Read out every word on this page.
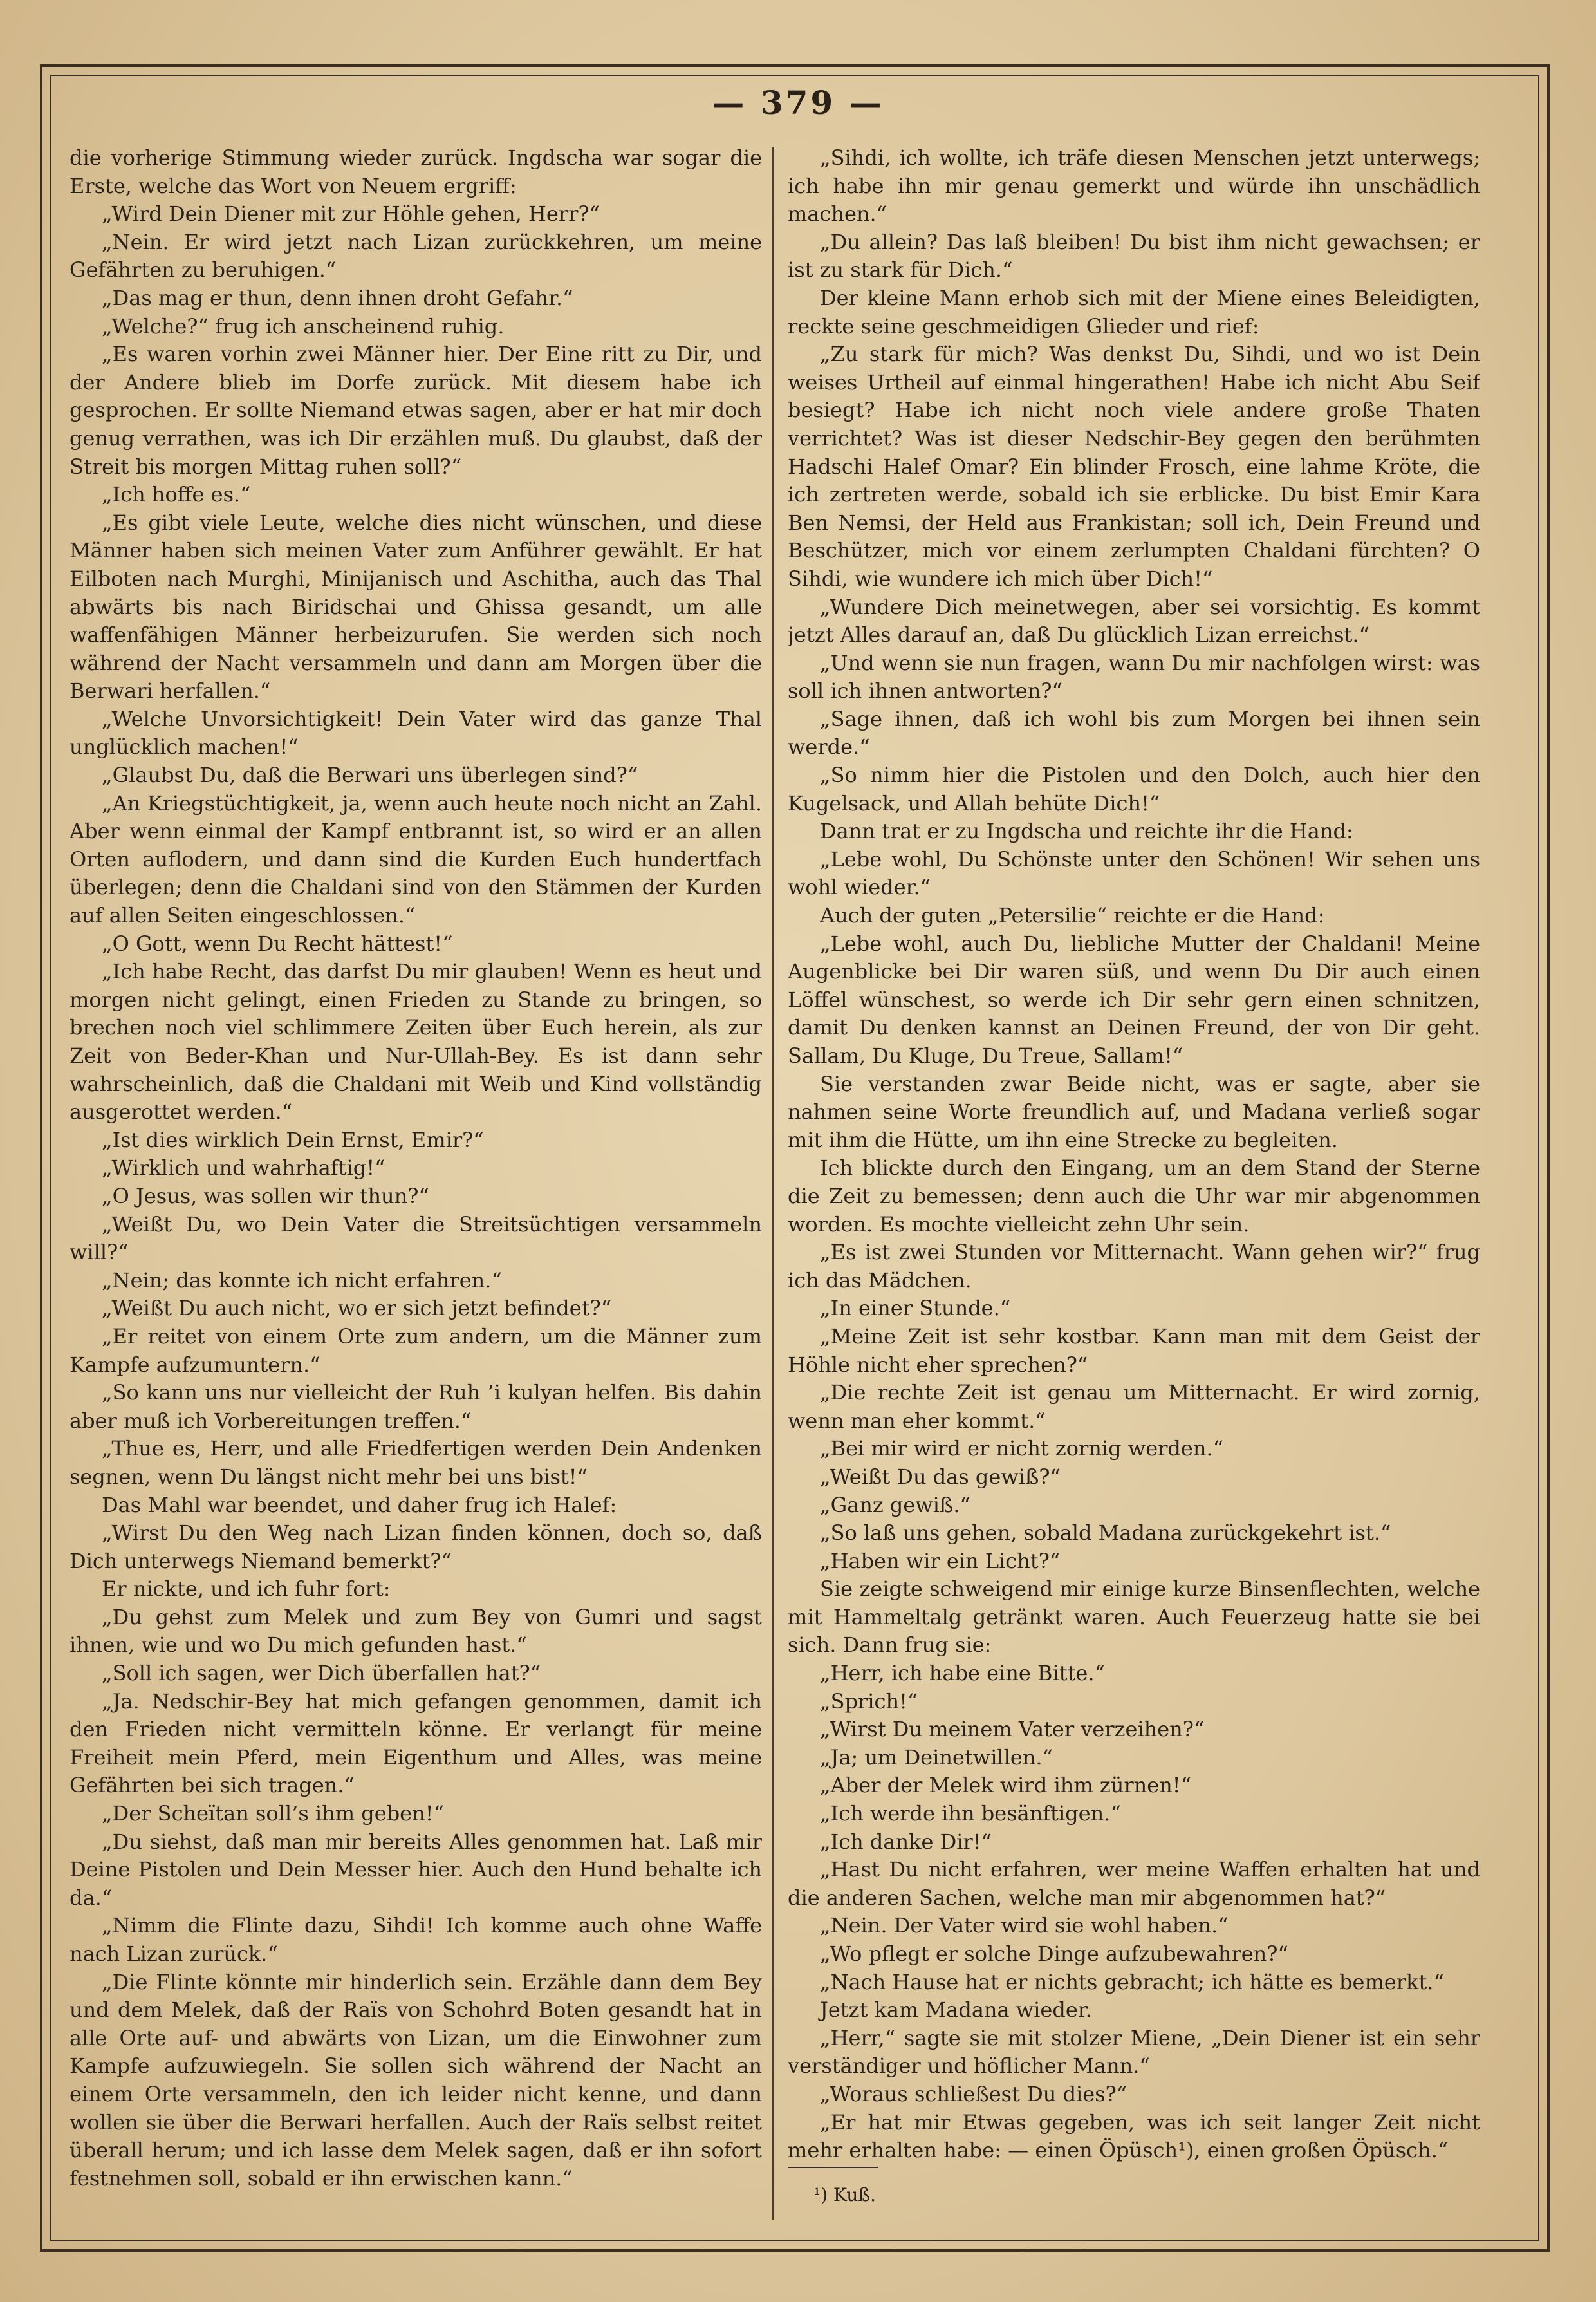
— 379 —

die vorherige Stimmung wieder zurück. Ingdscha war sogar die Erste, welche das Wort von Neuem ergriff:

„Wird Dein Diener mit zur Höhle gehen, Herr?“

„Nein. Er wird jetzt nach Lizan zurückkehren, um meine Gefährten zu beruhigen.“

„Das mag er thun, denn ihnen droht Gefahr.“

„Welche?“ frug ich anscheinend ruhig.

„Es waren vorhin zwei Männer hier. Der Eine ritt zu Dir, und der Andere blieb im Dorfe zurück. Mit diesem habe ich gesprochen. Er sollte Niemand etwas sagen, aber er hat mir doch genug verrathen, was ich Dir erzählen muß. Du glaubst, daß der Streit bis morgen Mittag ruhen soll?“

„Ich hoffe es.“

„Es gibt viele Leute, welche dies nicht wünschen, und diese Männer haben sich meinen Vater zum Anführer gewählt. Er hat Eilboten nach Murghi, Minijanisch und Aschitha, auch das Thal abwärts bis nach Biridschai und Ghissa gesandt, um alle waffenfähigen Männer herbeizurufen. Sie werden sich noch während der Nacht versammeln und dann am Morgen über die Berwari herfallen.“

„Welche Unvorsichtigkeit! Dein Vater wird das ganze Thal unglücklich machen!“

„Glaubst Du, daß die Berwari uns überlegen sind?“

„An Kriegstüchtigkeit, ja, wenn auch heute noch nicht an Zahl. Aber wenn einmal der Kampf entbrannt ist, so wird er an allen Orten auflodern, und dann sind die Kurden Euch hundertfach überlegen; denn die Chaldani sind von den Stämmen der Kurden auf allen Seiten eingeschlossen.“

„O Gott, wenn Du Recht hättest!“

„Ich habe Recht, das darfst Du mir glauben! Wenn es heut und morgen nicht gelingt, einen Frieden zu Stande zu bringen, so brechen noch viel schlimmere Zeiten über Euch herein, als zur Zeit von Beder-Khan und Nur-Ullah-Bey. Es ist dann sehr wahrscheinlich, daß die Chaldani mit Weib und Kind vollständig ausgerottet werden.“

„Ist dies wirklich Dein Ernst, Emir?“

„Wirklich und wahrhaftig!“

„O Jesus, was sollen wir thun?“

„Weißt Du, wo Dein Vater die Streitsüchtigen versammeln will?“

„Nein; das konnte ich nicht erfahren.“

„Weißt Du auch nicht, wo er sich jetzt befindet?“

„Er reitet von einem Orte zum andern, um die Männer zum Kampfe aufzumuntern.“

„So kann uns nur vielleicht der Ruh ’i kulyan helfen. Bis dahin aber muß ich Vorbereitungen treffen.“

„Thue es, Herr, und alle Friedfertigen werden Dein Andenken segnen, wenn Du längst nicht mehr bei uns bist!“

Das Mahl war beendet, und daher frug ich Halef:

„Wirst Du den Weg nach Lizan finden können, doch so, daß Dich unterwegs Niemand bemerkt?“

Er nickte, und ich fuhr fort:

„Du gehst zum Melek und zum Bey von Gumri und sagst ihnen, wie und wo Du mich gefunden hast.“

„Soll ich sagen, wer Dich überfallen hat?“

„Ja. Nedschir-Bey hat mich gefangen genommen, damit ich den Frieden nicht vermitteln könne. Er verlangt für meine Freiheit mein Pferd, mein Eigenthum und Alles, was meine Gefährten bei sich tragen.“

„Der Scheïtan soll’s ihm geben!“

„Du siehst, daß man mir bereits Alles genommen hat. Laß mir Deine Pistolen und Dein Messer hier. Auch den Hund behalte ich da.“

„Nimm die Flinte dazu, Sihdi! Ich komme auch ohne Waffe nach Lizan zurück.“

„Die Flinte könnte mir hinderlich sein. Erzähle dann dem Bey und dem Melek, daß der Raïs von Schohrd Boten gesandt hat in alle Orte auf- und abwärts von Lizan, um die Einwohner zum Kampfe aufzuwiegeln. Sie sollen sich während der Nacht an einem Orte versammeln, den ich leider nicht kenne, und dann wollen sie über die Berwari herfallen. Auch der Raïs selbst reitet überall herum; und ich lasse dem Melek sagen, daß er ihn sofort festnehmen soll, sobald er ihn erwischen kann.“

„Sihdi, ich wollte, ich träfe diesen Menschen jetzt unterwegs; ich habe ihn mir genau gemerkt und würde ihn unschädlich machen.“

„Du allein? Das laß bleiben! Du bist ihm nicht gewachsen; er ist zu stark für Dich.“

Der kleine Mann erhob sich mit der Miene eines Beleidigten, reckte seine geschmeidigen Glieder und rief:

„Zu stark für mich? Was denkst Du, Sihdi, und wo ist Dein weises Urtheil auf einmal hingerathen! Habe ich nicht Abu Seif besiegt? Habe ich nicht noch viele andere große Thaten verrichtet? Was ist dieser Nedschir-Bey gegen den berühmten Hadschi Halef Omar? Ein blinder Frosch, eine lahme Kröte, die ich zertreten werde, sobald ich sie erblicke. Du bist Emir Kara Ben Nemsi, der Held aus Frankistan; soll ich, Dein Freund und Beschützer, mich vor einem zerlumpten Chaldani fürchten? O Sihdi, wie wundere ich mich über Dich!“

„Wundere Dich meinetwegen, aber sei vorsichtig. Es kommt jetzt Alles darauf an, daß Du glücklich Lizan erreichst.“

„Und wenn sie nun fragen, wann Du mir nachfolgen wirst: was soll ich ihnen antworten?“

„Sage ihnen, daß ich wohl bis zum Morgen bei ihnen sein werde.“

„So nimm hier die Pistolen und den Dolch, auch hier den Kugelsack, und Allah behüte Dich!“

Dann trat er zu Ingdscha und reichte ihr die Hand:

„Lebe wohl, Du Schönste unter den Schönen! Wir sehen uns wohl wieder.“

Auch der guten „Petersilie“ reichte er die Hand:

„Lebe wohl, auch Du, liebliche Mutter der Chaldani! Meine Augenblicke bei Dir waren süß, und wenn Du Dir auch einen Löffel wünschest, so werde ich Dir sehr gern einen schnitzen, damit Du denken kannst an Deinen Freund, der von Dir geht. Sallam, Du Kluge, Du Treue, Sallam!“

Sie verstanden zwar Beide nicht, was er sagte, aber sie nahmen seine Worte freundlich auf, und Madana verließ sogar mit ihm die Hütte, um ihn eine Strecke zu begleiten.

Ich blickte durch den Eingang, um an dem Stand der Sterne die Zeit zu bemessen; denn auch die Uhr war mir abgenommen worden. Es mochte vielleicht zehn Uhr sein.

„Es ist zwei Stunden vor Mitternacht. Wann gehen wir?“ frug ich das Mädchen.

„In einer Stunde.“

„Meine Zeit ist sehr kostbar. Kann man mit dem Geist der Höhle nicht eher sprechen?“

„Die rechte Zeit ist genau um Mitternacht. Er wird zornig, wenn man eher kommt.“

„Bei mir wird er nicht zornig werden.“

„Weißt Du das gewiß?“

„Ganz gewiß.“

„So laß uns gehen, sobald Madana zurückgekehrt ist.“

„Haben wir ein Licht?“

Sie zeigte schweigend mir einige kurze Binsenflechten, welche mit Hammeltalg getränkt waren. Auch Feuerzeug hatte sie bei sich. Dann frug sie:

„Herr, ich habe eine Bitte.“

„Sprich!“

„Wirst Du meinem Vater verzeihen?“

„Ja; um Deinetwillen.“

„Aber der Melek wird ihm zürnen!“

„Ich werde ihn besänftigen.“

„Ich danke Dir!“

„Hast Du nicht erfahren, wer meine Waffen erhalten hat und die anderen Sachen, welche man mir abgenommen hat?“

„Nein. Der Vater wird sie wohl haben.“

„Wo pflegt er solche Dinge aufzubewahren?“

„Nach Hause hat er nichts gebracht; ich hätte es bemerkt.“

Jetzt kam Madana wieder.

„Herr,“ sagte sie mit stolzer Miene, „Dein Diener ist ein sehr verständiger und höflicher Mann.“

„Woraus schließest Du dies?“

„Er hat mir Etwas gegeben, was ich seit langer Zeit nicht mehr erhalten habe: — einen Öpüsch¹), einen großen Öpüsch.“

¹) Kuß.
